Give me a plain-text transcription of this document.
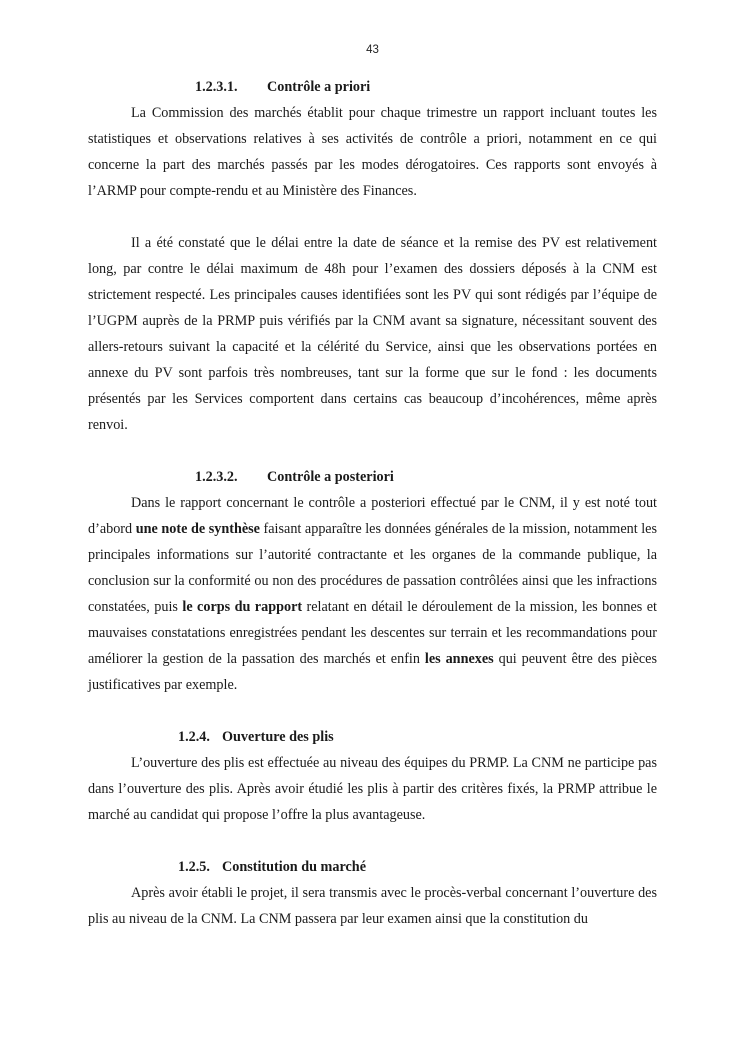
43
1.2.3.1. Contrôle a priori

La Commission des marchés établit pour chaque trimestre un rapport incluant toutes les statistiques et observations relatives à ses activités de contrôle a priori, notamment en ce qui concerne la part des marchés passés par les modes dérogatoires. Ces rapports sont envoyés à l’ARMP pour compte-rendu et au Ministère des Finances.

Il a été constaté que le délai entre la date de séance et la remise des PV est relativement long, par contre le délai maximum de 48h pour l’examen des dossiers déposés à la CNM est strictement respecté. Les principales causes identifiées sont les PV qui sont rédigés par l’équipe de l’UGPM auprès de la PRMP puis vérifiés par la CNM avant sa signature, nécessitant souvent des allers-retours suivant la capacité et la célérité du Service, ainsi que les observations portées en annexe du PV sont parfois très nombreuses, tant sur la forme que sur le fond : les documents présentés par les Services comportent dans certains cas beaucoup d’incohérences, même après renvoi.

1.2.3.2. Contrôle a posteriori

Dans le rapport concernant le contrôle a posteriori effectué par le CNM, il y est noté tout d’abord une note de synthèse faisant apparaître les données générales de la mission, notamment les principales informations sur l’autorité contractante et les organes de la commande publique, la conclusion sur la conformité ou non des procédures de passation contrôlées ainsi que les infractions constatées, puis le corps du rapport relatant en détail le déroulement de la mission, les bonnes et mauvaises constatations enregistrées pendant les descentes sur terrain et les recommandations pour améliorer la gestion de la passation des marchés et enfin les annexes qui peuvent être des pièces justificatives par exemple.

1.2.4. Ouverture des plis

L’ouverture des plis est effectuée au niveau des équipes du PRMP. La CNM ne participe pas dans l’ouverture des plis. Après avoir étudié les plis à partir des critères fixés, la PRMP attribue le marché au candidat qui propose l’offre la plus avantageuse.

1.2.5. Constitution du marché

Après avoir établi le projet, il sera transmis avec le procès-verbal concernant l’ouverture des plis au niveau de la CNM. La CNM passera par leur examen ainsi que la constitution du
